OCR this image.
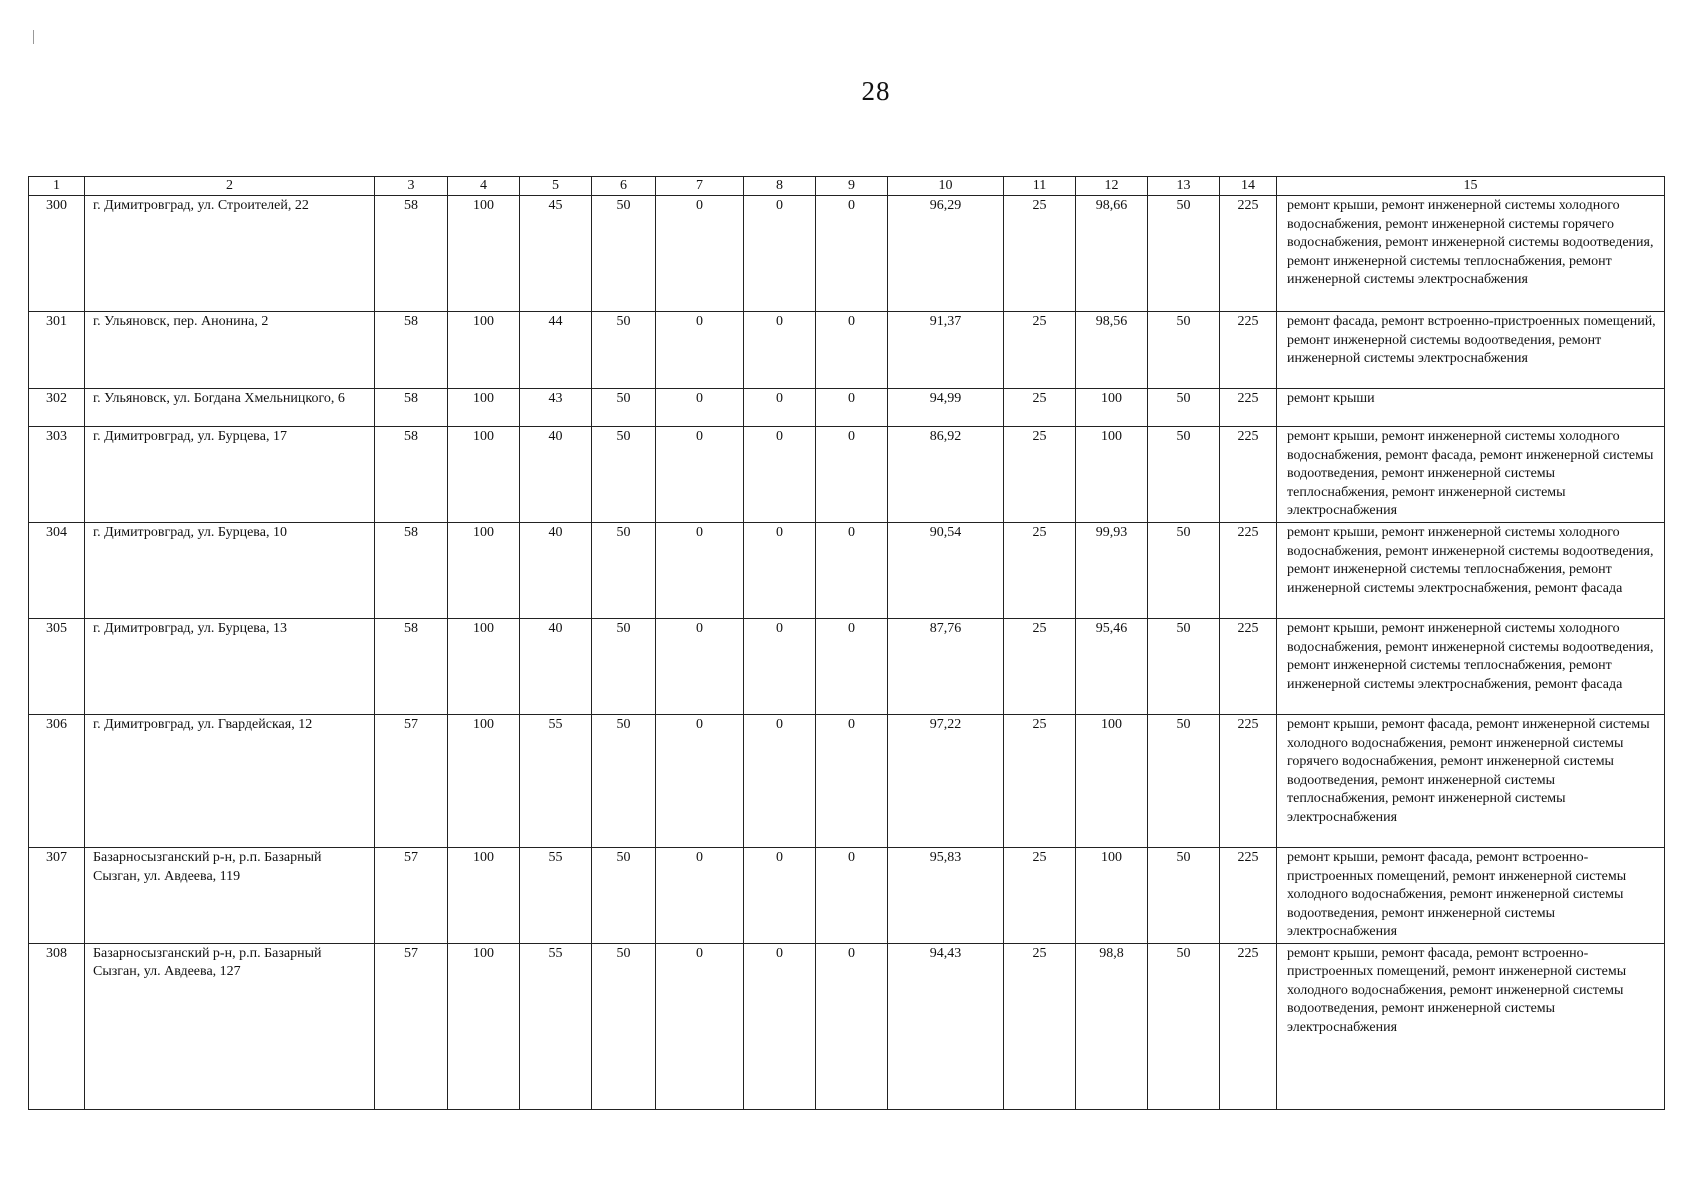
28
1	2	3	4	5	6	7	8	9	10	11	12	13	14	15
300	г. Димитровград, ул. Строителей, 22	58	100	45	50	0	0	0	96,29	25	98,66	50	225	ремонт крыши, ремонт инженерной системы холодного водоснабжения, ремонт инженерной системы горячего водоснабжения, ремонт инженерной системы водоотведения, ремонт инженерной системы теплоснабжения, ремонт инженерной системы электроснабжения
301	г. Ульяновск, пер. Анонина, 2	58	100	44	50	0	0	0	91,37	25	98,56	50	225	ремонт фасада, ремонт встроенно-пристроенных помещений, ремонт инженерной системы водоотведения, ремонт инженерной системы электроснабжения
302	г. Ульяновск, ул. Богдана Хмельницкого, 6	58	100	43	50	0	0	0	94,99	25	100	50	225	ремонт крыши
303	г. Димитровград, ул. Бурцева, 17	58	100	40	50	0	0	0	86,92	25	100	50	225	ремонт крыши, ремонт инженерной системы холодного водоснабжения, ремонт фасада, ремонт инженерной системы водоотведения, ремонт инженерной системы теплоснабжения, ремонт инженерной системы электроснабжения
304	г. Димитровград, ул. Бурцева, 10	58	100	40	50	0	0	0	90,54	25	99,93	50	225	ремонт крыши, ремонт инженерной системы холодного водоснабжения, ремонт инженерной системы водоотведения, ремонт инженерной системы теплоснабжения, ремонт инженерной системы электроснабжения, ремонт фасада
305	г. Димитровград, ул. Бурцева, 13	58	100	40	50	0	0	0	87,76	25	95,46	50	225	ремонт крыши, ремонт инженерной системы холодного водоснабжения, ремонт инженерной системы водоотведения, ремонт инженерной системы теплоснабжения, ремонт инженерной системы электроснабжения, ремонт фасада
306	г. Димитровград, ул. Гвардейская, 12	57	100	55	50	0	0	0	97,22	25	100	50	225	ремонт крыши, ремонт фасада, ремонт инженерной системы холодного водоснабжения, ремонт инженерной системы горячего водоснабжения, ремонт инженерной системы водоотведения, ремонт инженерной системы теплоснабжения, ремонт инженерной системы электроснабжения
307	Базарносызганский р-н, р.п. Базарный Сызган, ул. Авдеева, 119	57	100	55	50	0	0	0	95,83	25	100	50	225	ремонт крыши, ремонт фасада, ремонт встроенно-пристроенных помещений, ремонт инженерной системы холодного водоснабжения, ремонт инженерной системы водоотведения, ремонт инженерной системы электроснабжения
308	Базарносызганский р-н, р.п. Базарный Сызган, ул. Авдеева, 127	57	100	55	50	0	0	0	94,43	25	98,8	50	225	ремонт крыши, ремонт фасада, ремонт встроенно-пристроенных помещений, ремонт инженерной системы холодного водоснабжения, ремонт инженерной системы водоотведения, ремонт инженерной системы электроснабжения
